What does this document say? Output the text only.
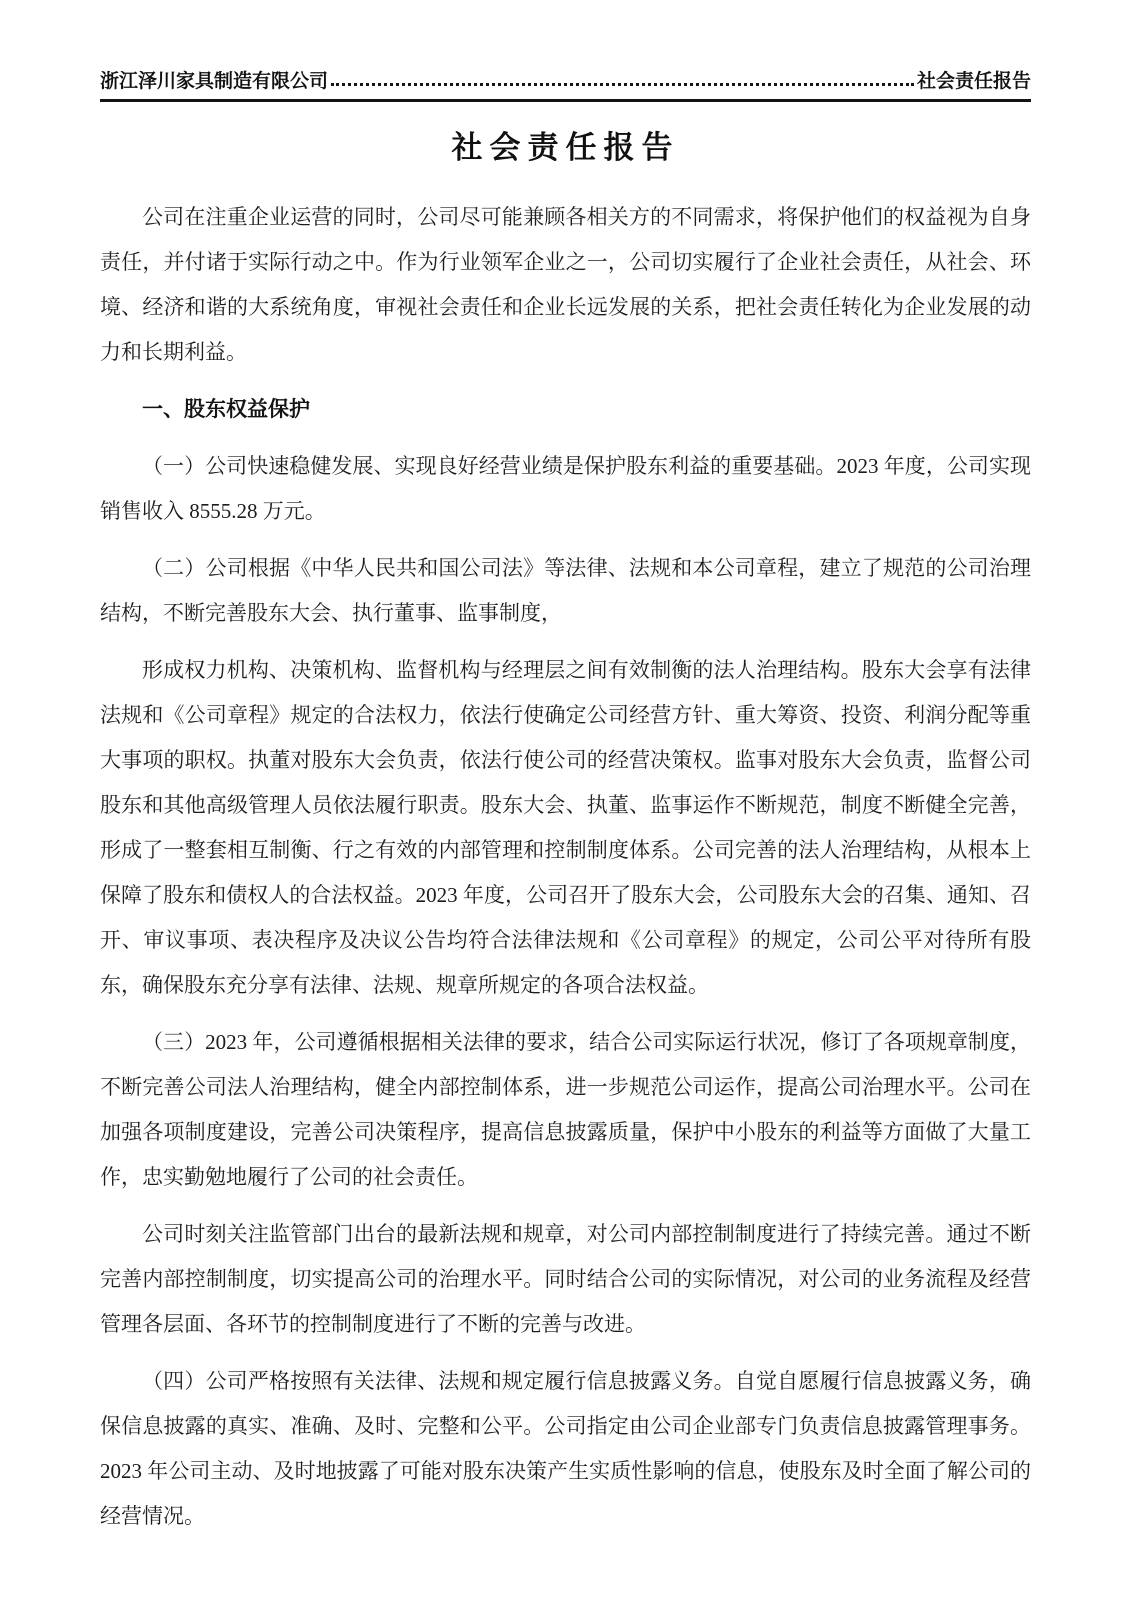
浙江泽川家具制造有限公司	社会责任报告
社会责任报告

公司在注重企业运营的同时，公司尽可能兼顾各相关方的不同需求，将保护他们的权益视为自身责任，并付诸于实际行动之中。作为行业领军企业之一，公司切实履行了企业社会责任，从社会、环境、经济和谐的大系统角度，审视社会责任和企业长远发展的关系，把社会责任转化为企业发展的动力和长期利益。

一、股东权益保护

（一）公司快速稳健发展、实现良好经营业绩是保护股东利益的重要基础。2023 年度，公司实现销售收入 8555.28 万元。

（二）公司根据《中华人民共和国公司法》等法律、法规和本公司章程，建立了规范的公司治理结构，不断完善股东大会、执行董事、监事制度，

形成权力机构、决策机构、监督机构与经理层之间有效制衡的法人治理结构。股东大会享有法律法规和《公司章程》规定的合法权力，依法行使确定公司经营方针、重大筹资、投资、利润分配等重大事项的职权。执董对股东大会负责，依法行使公司的经营决策权。监事对股东大会负责，监督公司股东和其他高级管理人员依法履行职责。股东大会、执董、监事运作不断规范，制度不断健全完善，形成了一整套相互制衡、行之有效的内部管理和控制制度体系。公司完善的法人治理结构，从根本上保障了股东和债权人的合法权益。2023 年度，公司召开了股东大会，公司股东大会的召集、通知、召开、审议事项、表决程序及决议公告均符合法律法规和《公司章程》的规定，公司公平对待所有股东，确保股东充分享有法律、法规、规章所规定的各项合法权益。

（三）2023 年，公司遵循根据相关法律的要求，结合公司实际运行状况，修订了各项规章制度，不断完善公司法人治理结构，健全内部控制体系，进一步规范公司运作，提高公司治理水平。公司在加强各项制度建设，完善公司决策程序，提高信息披露质量，保护中小股东的利益等方面做了大量工作，忠实勤勉地履行了公司的社会责任。

公司时刻关注监管部门出台的最新法规和规章，对公司内部控制制度进行了持续完善。通过不断完善内部控制制度，切实提高公司的治理水平。同时结合公司的实际情况，对公司的业务流程及经营管理各层面、各环节的控制制度进行了不断的完善与改进。

（四）公司严格按照有关法律、法规和规定履行信息披露义务。自觉自愿履行信息披露义务，确保信息披露的真实、准确、及时、完整和公平。公司指定由公司企业部专门负责信息披露管理事务。2023 年公司主动、及时地披露了可能对股东决策产生实质性影响的信息，使股东及时全面了解公司的经营情况。
